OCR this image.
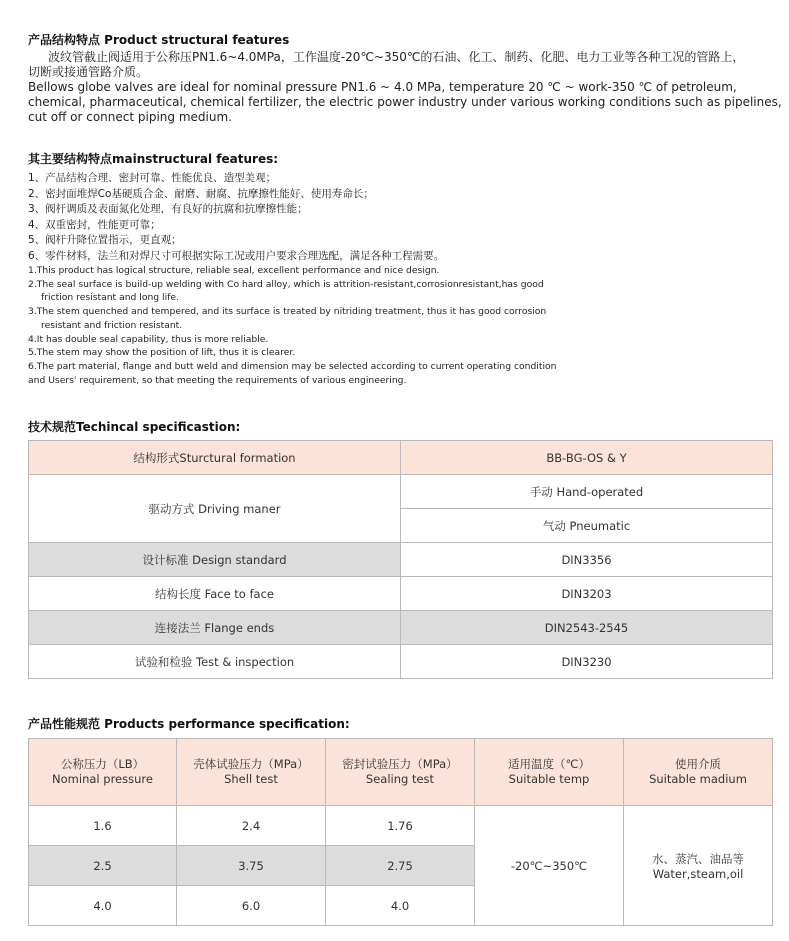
产品结构特点 Product structural features

波纹管截止阀适用于公称压PN1.6~4.0MPa，工作温度-20℃~350℃的石油、化工、制药、化肥、电力工业等各种工况的管路上，

切断或接通管路介质。

Bellows globe valves are ideal for nominal pressure PN1.6 ~ 4.0 MPa, temperature 20 ℃ ~ work-350 ℃ of petroleum,

chemical, pharmaceutical, chemical fertilizer, the electric power industry under various working conditions such as pipelines,

cut off or connect piping medium.

其主要结构特点mainstructural features:

1、产品结构合理、密封可靠、性能优良、造型美观；

2、密封面堆焊Co基硬质合金、耐磨、耐腐、抗摩擦性能好、使用寿命长；

3、阀杆调质及表面氮化处理，有良好的抗腐和抗摩擦性能；

4、双重密封，性能更可靠；

5、阀杆升降位置指示，更直观；

6、零件材料，法兰和对焊尺寸可根据实际工况或用户要求合理选配，满足各种工程需要。

1.This product has logical structure, reliable seal, excellent performance and nice design.

2.The seal surface is build-up welding with Co hard alloy, which is attrition-resistant,corrosionresistant,has good

friction resistant and long life.

3.The stem quenched and tempered, and its surface is treated by nitriding treatment, thus it has good corrosion

resistant and friction resistant.

4.It has double seal capability, thus is more reliable.

5.The stem may show the position of lift, thus it is clearer.

6.The part material, flange and butt weld and dimension may be selected according to current operating condition

and Users' requirement, so that meeting the requirements of various engineering.

技术规范Techincal specificastion:
结构形式Sturctural formation	BB-BG-OS & Y
驱动方式 Driving maner	手动 Hand-operated
	气动 Pneumatic
设计标准 Design standard	DIN3356
结构长度 Face to face	DIN3203
连接法兰 Flange ends	DIN2543-2545
试验和检验 Test & inspection	DIN3230
产品性能规范 Products performance specification:
公称压力（LB）
Nominal pressure	壳体试验压力（MPa）
Shell test	密封试验压力（MPa）
Sealing test	适用温度（℃）
Suitable temp	使用介质
Suitable madium

1.6	2.4	1.76	-20℃~350℃	水、蒸汽、油品等
Water,steam,oil

2.5	3.75	2.75		
4.0	6.0	4.0		
